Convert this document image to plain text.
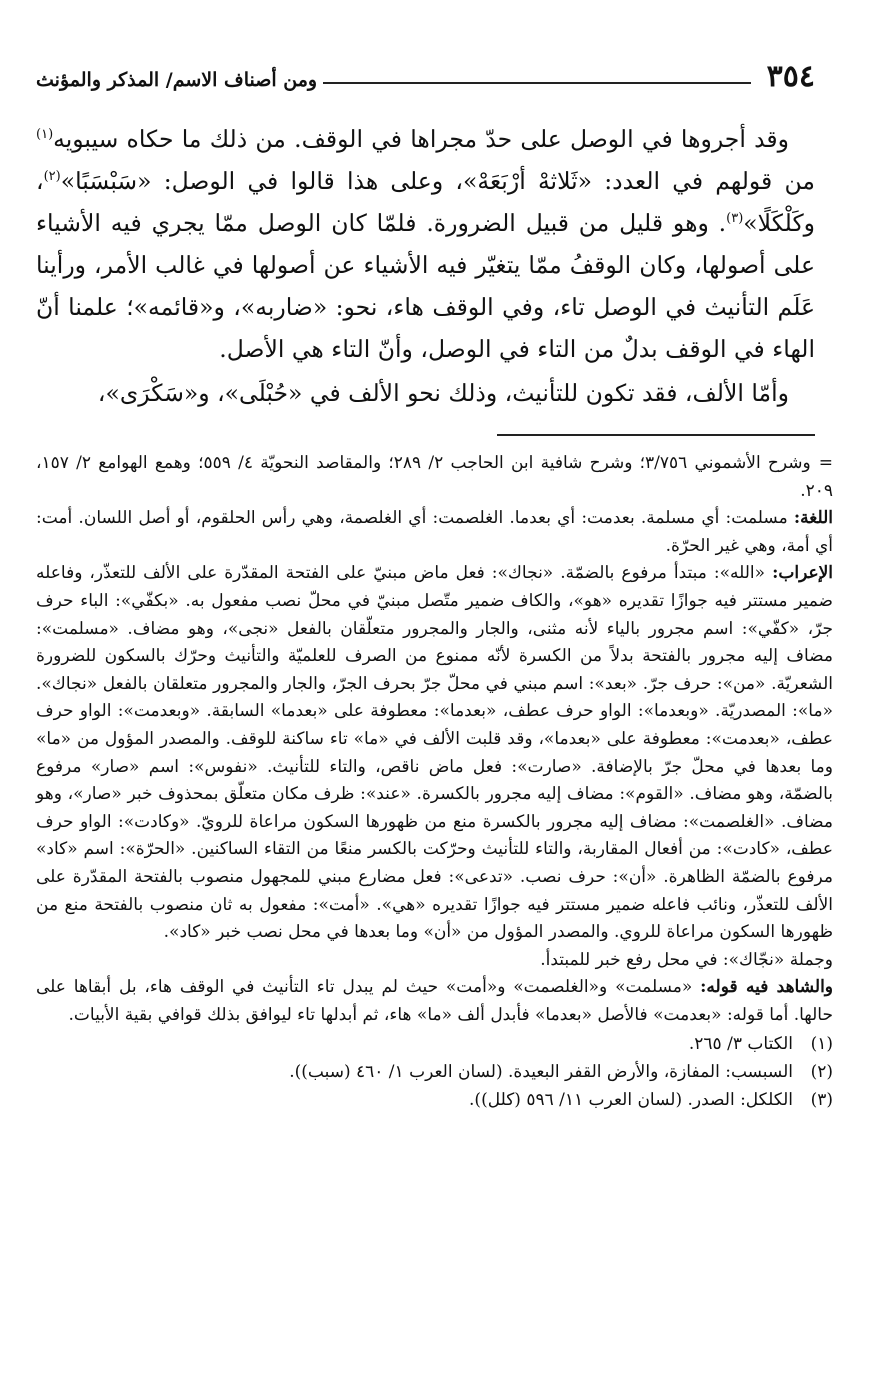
٣٥٤
ومن أصناف الاسم/ المذكر والمؤنث

وقد أجروها في الوصل على حدّ مجراها في الوقف. من ذلك ما حكاه سيبويه$^{(١)}$ من قولهم في العدد: «ثَلاثهْ أرْبَعَهْ»، وعلى هذا قالوا في الوصل: «سَبْسَبًا»$^{(٢)}$، وكَلْكَلًا»$^{(٣)}$. وهو قليل من قبيل الضرورة. فلمّا كان الوصل ممّا يجري فيه الأشياء على أصولها، وكان الوقفُ ممّا يتغيّر فيه الأشياء عن أصولها في غالب الأمر، ورأينا عَلَم التأنيث في الوصل تاء، وفي الوقف هاء، نحو: «ضاربه»، و«قائمه»؛ علمنا أنّ الهاء في الوقف بدلٌ من التاء في الوصل، وأنّ التاء هي الأصل.

وأمّا الألف، فقد تكون للتأنيث، وذلك نحو الألف في «حُبْلَى»، و«سَكْرَى»،

=وشرح الأشموني ٣/٧٥٦؛ وشرح شافية ابن الحاجب ٢/ ٢٨٩؛ والمقاصد النحويّة ٤/ ٥٥٩؛ وهمع الهوامع ٢/ ١٥٧، ٢٠٩.

اللغة: مسلمت: أي مسلمة. بعدمت: أي بعدما. الغلصمت: أي الغلصمة، وهي رأس الحلقوم، أو أصل اللسان. أمت: أي أمة، وهي غير الحرّة.

الإعراب: «الله»: مبتدأ مرفوع بالضمّة. «نجاك»: فعل ماض مبنيّ على الفتحة المقدّرة على الألف للتعذّر، وفاعله ضمير مستتر فيه جوازًا تقديره «هو»، والكاف ضمير متّصل مبنيّ في محلّ نصب مفعول به. «بكفّي»: الباء حرف جرّ، «كفّي»: اسم مجرور بالياء لأنه مثنى، والجار والمجرور متعلّقان بالفعل «نجى»، وهو مضاف. «مسلمت»: مضاف إليه مجرور بالفتحة بدلاً من الكسرة لأنّه ممنوع من الصرف للعلميّة والتأنيث وحرّك بالسكون للضرورة الشعريّة. «من»: حرف جرّ. «بعد»: اسم مبني في محلّ جرّ بحرف الجرّ، والجار والمجرور متعلقان بالفعل «نجاك». «ما»: المصدريّة. «وبعدما»: الواو حرف عطف، «بعدما»: معطوفة على «بعدما» السابقة. «وبعدمت»: الواو حرف عطف، «بعدمت»: معطوفة على «بعدما»، وقد قلبت الألف في «ما» تاء ساكنة للوقف. والمصدر المؤول من «ما» وما بعدها في محلّ جرّ بالإضافة. «صارت»: فعل ماض ناقص، والتاء للتأنيث. «نفوس»: اسم «صار» مرفوع بالضمّة، وهو مضاف. «القوم»: مضاف إليه مجرور بالكسرة. «عند»: ظرف مكان متعلّق بمحذوف خبر «صار»، وهو مضاف. «الغلصمت»: مضاف إليه مجرور بالكسرة منع من ظهورها السكون مراعاة للرويّ. «وكادت»: الواو حرف عطف، «كادت»: من أفعال المقاربة، والتاء للتأنيث وحرّكت بالكسر منعًا من التقاء الساكنين. «الحرّة»: اسم «كاد» مرفوع بالضمّة الظاهرة. «أن»: حرف نصب. «تدعى»: فعل مضارع مبني للمجهول منصوب بالفتحة المقدّرة على الألف للتعذّر، ونائب فاعله ضمير مستتر فيه جوازًا تقديره «هي». «أمت»: مفعول به ثان منصوب بالفتحة منع من ظهورها السكون مراعاة للروي. والمصدر المؤول من «أن» وما بعدها في محل نصب خبر «كاد».

وجملة «نجّاك»: في محل رفع خبر للمبتدأ.

والشاهد فيه قوله: «مسلمت» و«الغلصمت» و«أمت» حيث لم يبدل تاء التأنيث في الوقف هاء، بل أبقاها على حالها. أما قوله: «بعدمت» فالأصل «بعدما» فأبدل ألف «ما» هاء، ثم أبدلها تاء ليوافق بذلك قوافي بقية الأبيات.

(١)
الكتاب ٣/ ٢٦٥.
(٢)
السبسب: المفازة، والأرض القفر البعيدة. (لسان العرب ١/ ٤٦٠ (سبب)).
(٣)
الكلكل: الصدر. (لسان العرب ١١/ ٥٩٦ (كلل)).
